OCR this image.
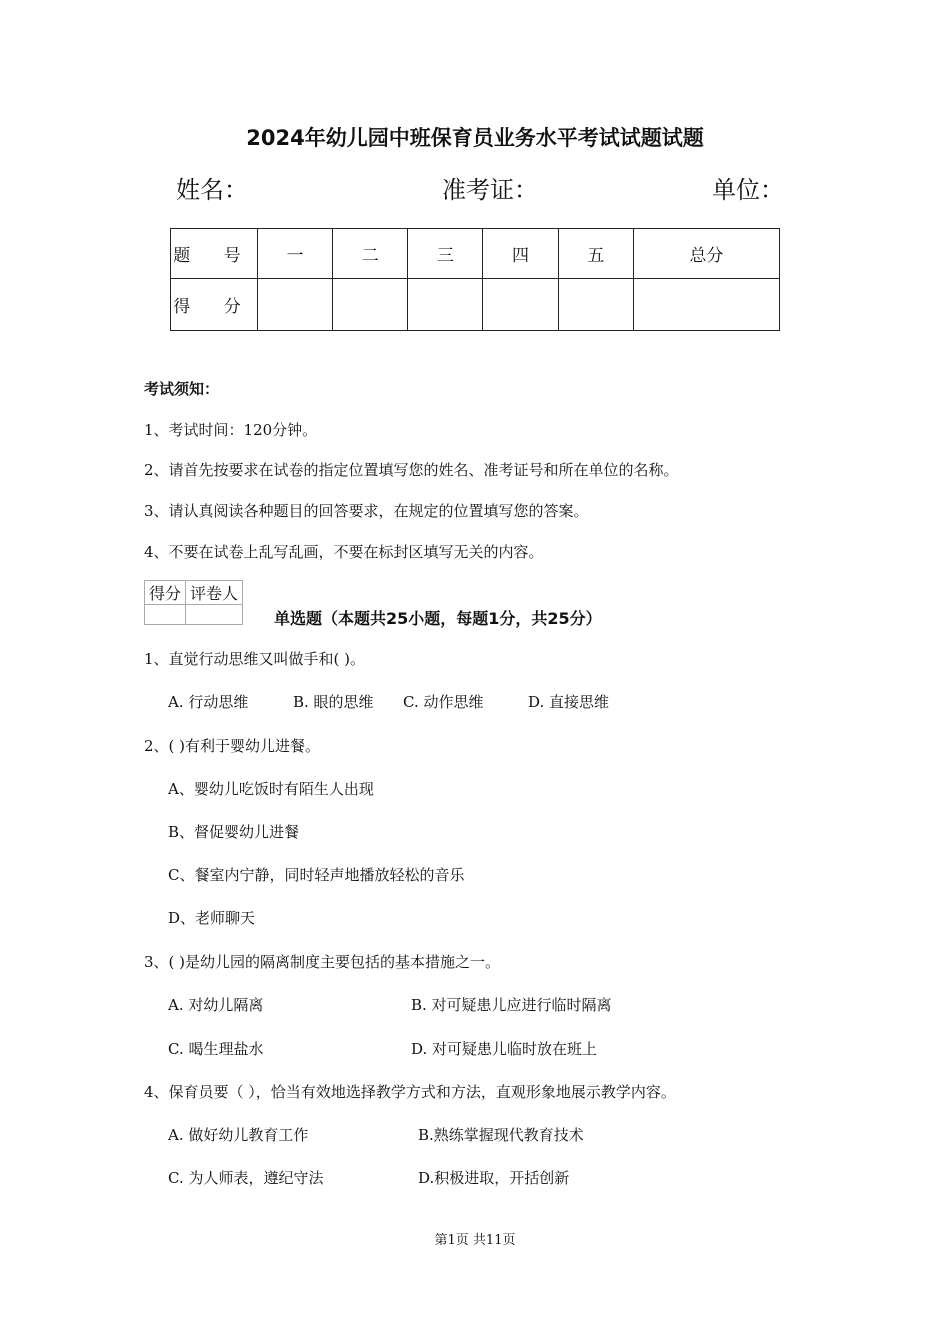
2024年幼儿园中班保育员业务水平考试试题试题
姓名：	准考证：	单位：
题 号	一	二	三	四	五	总分
得 分						
考试须知：
1、考试时间：120分钟。
2、请首先按要求在试卷的指定位置填写您的姓名、准考证号和所在单位的名称。
3、请认真阅读各种题目的回答要求，在规定的位置填写您的答案。
4、不要在试卷上乱写乱画，不要在标封区填写无关的内容。
得分	评卷人

单选题（本题共25小题，每题1分，共25分）
1、直觉行动思维又叫做手和( )。
A. 行动思维	B. 眼的思维 C. 动作思维	D. 直接思维
2、( )有利于婴幼儿进餐。
A、婴幼儿吃饭时有陌生人出现
B、督促婴幼儿进餐
C、餐室内宁静，同时轻声地播放轻松的音乐
D、老师聊天
3、( )是幼儿园的隔离制度主要包括的基本措施之一。
A. 对幼儿隔离	B. 对可疑患儿应进行临时隔离
C. 喝生理盐水	D. 对可疑患儿临时放在班上
4、保育员要（ ），恰当有效地选择教学方式和方法，直观形象地展示教学内容。
A. 做好幼儿教育工作	B.熟练掌握现代教育技术
C. 为人师表，遵纪守法	D.积极进取，开括创新
第1页 共11页
